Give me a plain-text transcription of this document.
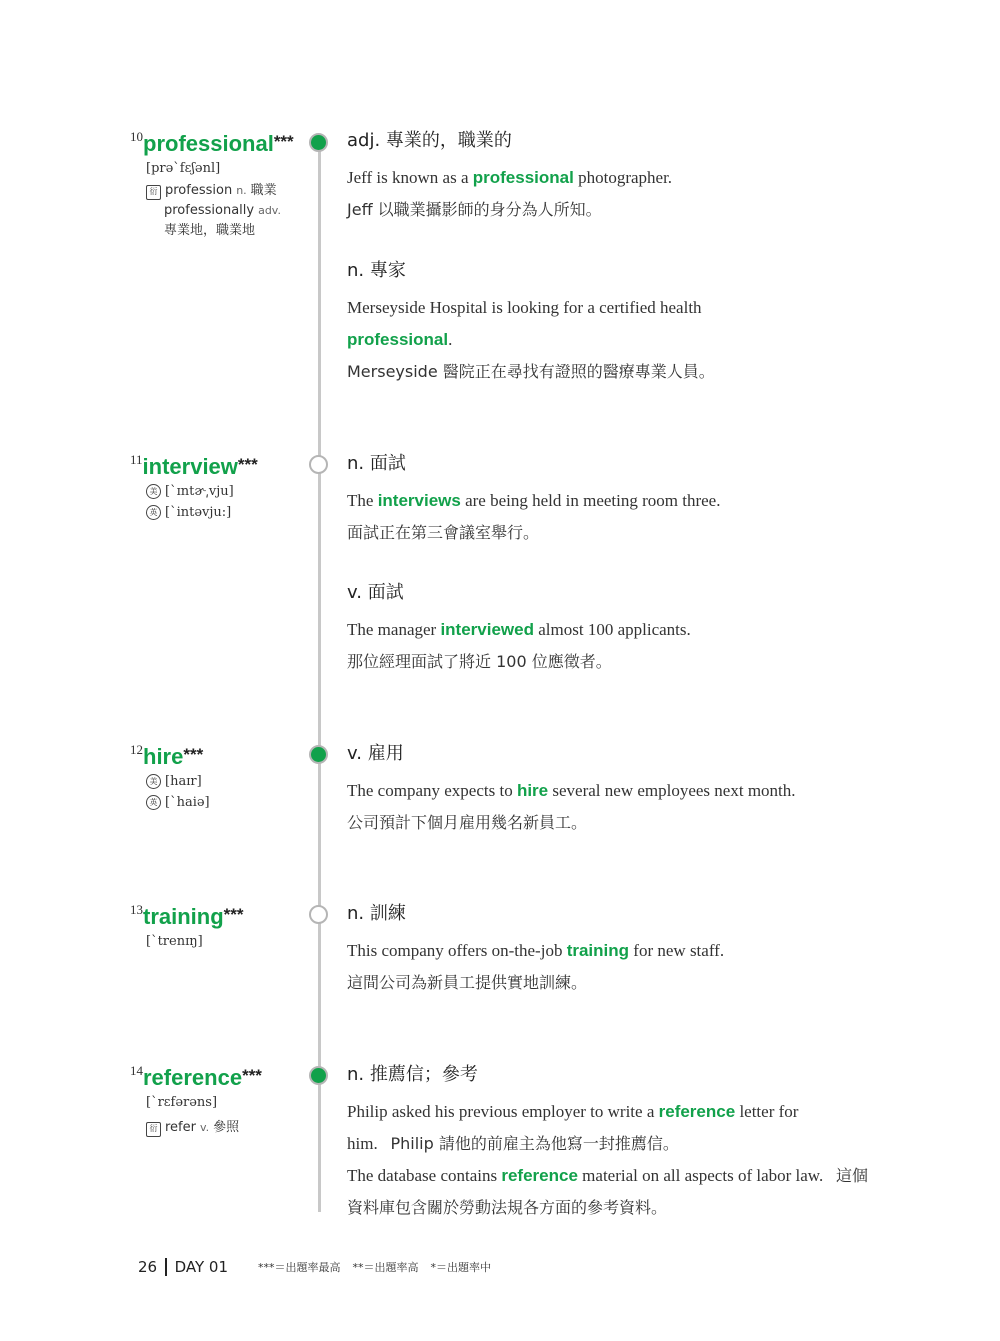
$^{10}$professional***
[prə`fɛʃənl]
衍 profession n. 職業
professionally adv.
專業地，職業地
adj. 專業的，職業的
Jeff is known as a professional photographer.
Jeff 以職業攝影師的身分為人所知。
n. 專家
Merseyside Hospital is looking for a certified health professional.
Merseyside 醫院正在尋找有證照的醫療專業人員。
$^{11}$interview***
美 [`ɪntɚ͵vju]
英 [`intəvju:]
n. 面試
The interviews are being held in meeting room three.
面試正在第三會議室舉行。
v. 面試
The manager interviewed almost 100 applicants.
那位經理面試了將近 100 位應徵者。
$^{12}$hire***
美 [haɪr]
英 [`haiə]
v. 雇用
The company expects to hire several new employees next month.
公司預計下個月雇用幾名新員工。
$^{13}$training***
[`trenɪŋ]
n. 訓練
This company offers on-the-job training for new staff.
這間公司為新員工提供實地訓練。
$^{14}$reference***
[`rɛfərəns]
衍 refer v. 參照
n. 推薦信；參考
Philip asked his previous employer to write a reference letter for him. Philip 請他的前雇主為他寫一封推薦信。
The database contains reference material on all aspects of labor law. 這個資料庫包含關於勞動法規各方面的參考資料。
26 DAY 01	***＝出題率最高 **＝出題率高 *＝出題率中
